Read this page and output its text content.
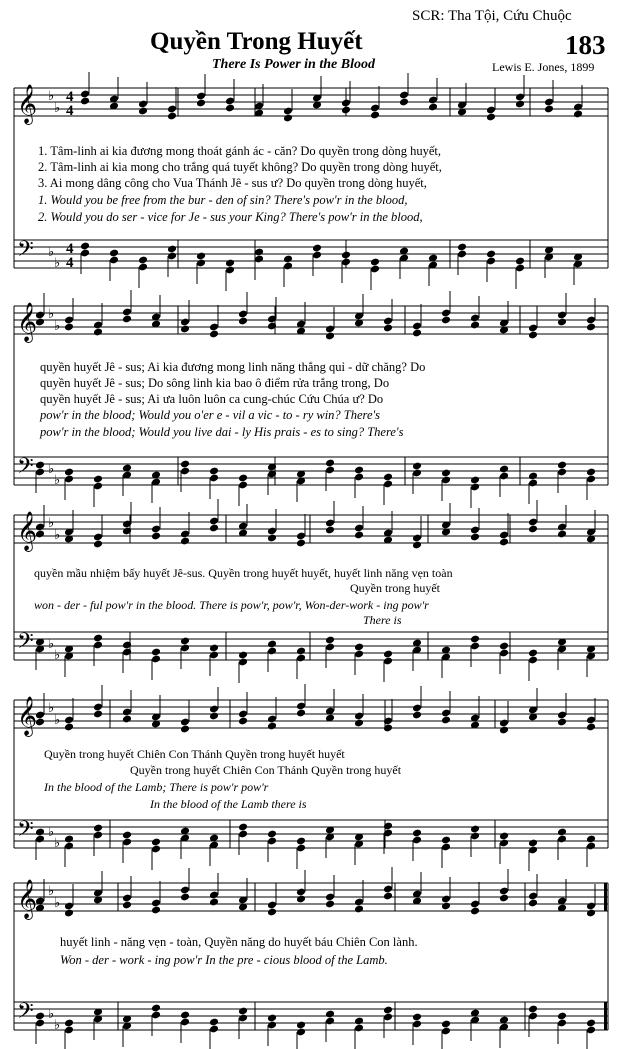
SCR: Tha Tội, Cứu Chuộc
Quyền Trong Huyết	183
There Is Power in the Blood	Lewis E. Jones, 1899
𝄞 ♭
♭
4
4
𝄢 ♭
♭
4
4
𝄞 ♭
♭
𝄢 ♭
♭
𝄞 ♭
♭
𝄢 ♭
♭
𝄞 ♭
♭
𝄢 ♭
♭
𝄞 ♭
♭
𝄢 ♭
♭
1. Tâm-linh ai kia đương mong thoát gánh ác - căn? Do quyền trong dòng huyết,
2. Tâm-linh ai kia mong cho trắng quá tuyết không? Do quyền trong dòng huyết,
3. Ai mong dâng công cho Vua Thánh Jê - sus ư? Do quyền trong dòng huyết,
1. Would you be free from the bur - den of sin? There's pow'r in the blood,
2. Would you do ser - vice for Je - sus your King? There's pow'r in the blood,
quyền huyết Jê - sus; Ai kia đương mong linh năng thắng quỉ - dữ chăng? Do
quyền huyết Jê - sus; Do sông linh kia bao ô điểm rửa trắng trong, Do
quyền huyết Jê - sus; Ai ưa luôn luôn ca cung-chúc Cứu Chúa ư? Do
pow'r in the blood; Would you o'er e - vil a vic - to - ry win? There's
pow'r in the blood; Would you live dai - ly His prais - es to sing? There's
quyền mầu nhiệm bấy huyết Jê-sus. Quyền trong huyết huyết, huyết linh năng vẹn toàn
Quyền trong huyết
won - der - ful pow'r in the blood. There is pow'r, pow'r, Won-der-work - ing pow'r
There is
Quyền trong huyết Chiên Con Thánh Quyền trong huyết huyết
Quyền trong huyết Chiên Con Thánh Quyền trong huyết
In the blood of the Lamb; There is pow'r pow'r
In the blood of the Lamb there is
huyết linh - năng vẹn - toàn, Quyền năng do huyết báu Chiên Con lành.
Won - der - work - ing pow'r In the pre - cious blood of the Lamb.
